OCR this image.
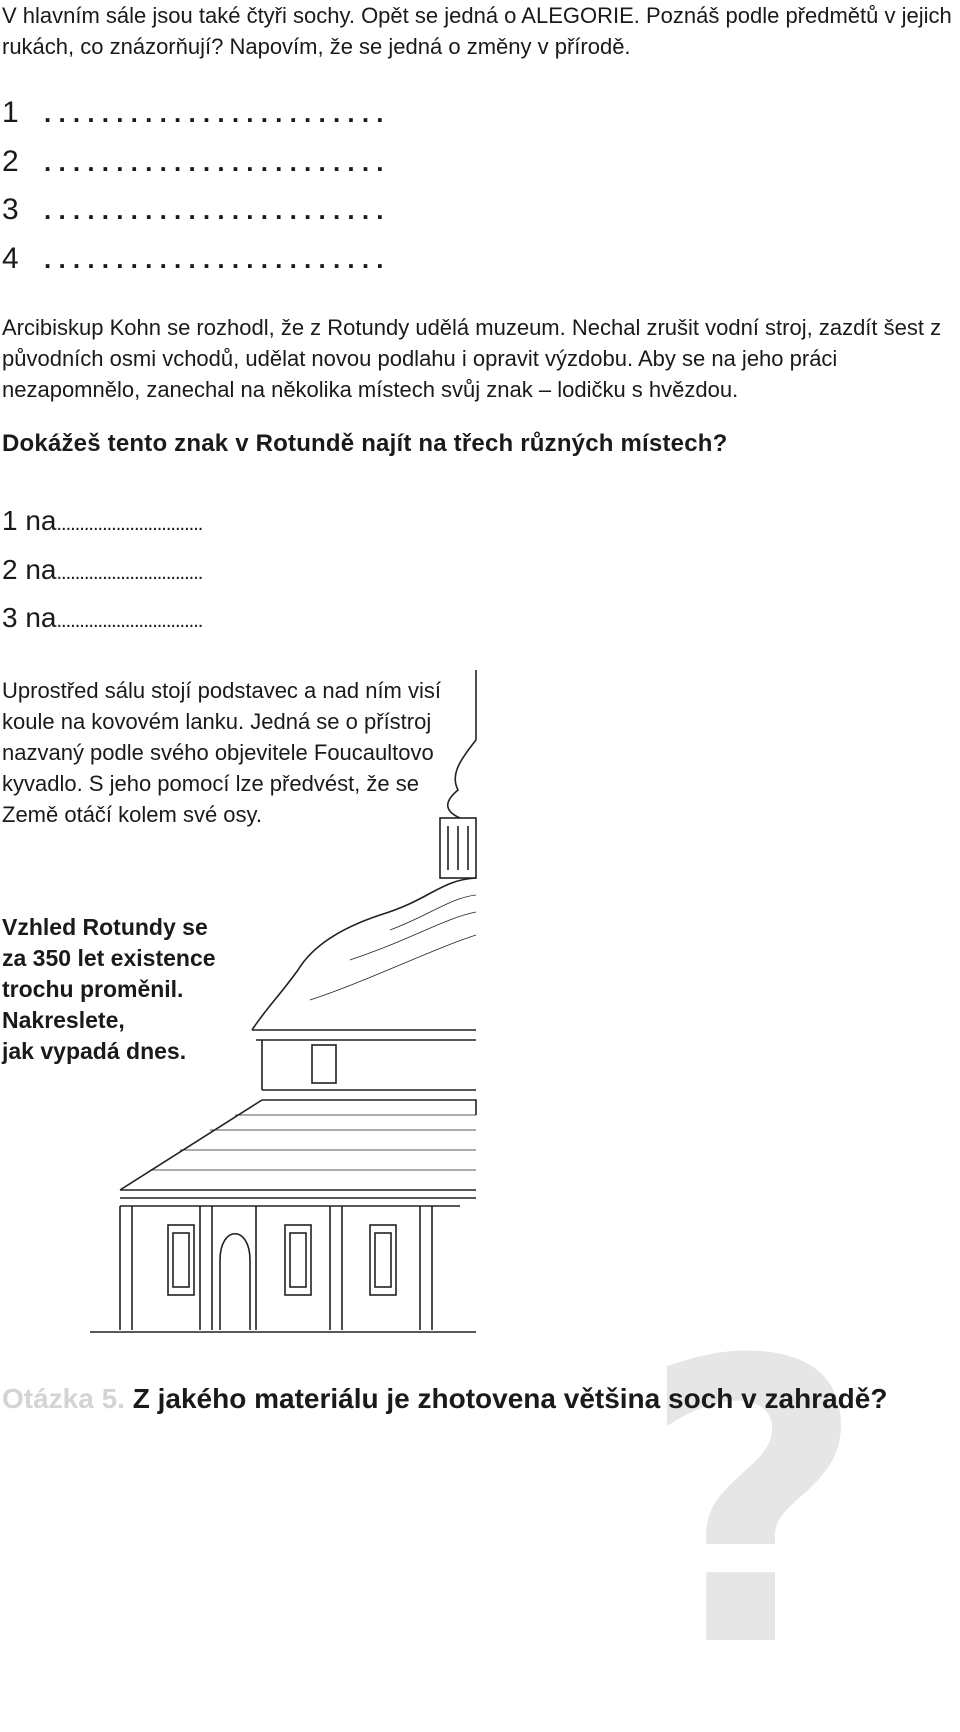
V hlavním sále jsou také čtyři sochy. Opět se jedná o ALEGORIE. Poznáš podle předmětů v jejich rukách, co znázorňují? Napovím, že se jedná o změny v přírodě.

1 . . . . . . . . . . . . . . . . . . . . . . . .
2 . . . . . . . . . . . . . . . . . . . . . . . .
3 . . . . . . . . . . . . . . . . . . . . . . . .
4 . . . . . . . . . . . . . . . . . . . . . . . .

Arcibiskup Kohn se rozhodl, že z Rotundy udělá muzeum. Nechal zrušit vodní stroj, zazdít šest z původních osmi vchodů, udělat novou podlahu i opravit výzdobu. Aby se na jeho práci nezapomnělo, zanechal na několika místech svůj znak – lodičku s hvězdou.

Dokážeš tento znak v Rotundě najít na třech různých místech?

1 na................................
2 na................................
3 na................................

Uprostřed sálu stojí podstavec a nad ním visí koule na kovovém lanku. Jedná se o přístroj nazvaný podle svého objevitele Foucaultovo kyvadlo. S jeho pomocí lze předvést, že se Země otáčí kolem své osy.

Vzhled Rotundy se
za 350 let existence
trochu proměnil.
Nakreslete,
jak vypadá dnes.
?

Otázka 5. Z jakého materiálu je zhotovena většina soch v zahradě?
